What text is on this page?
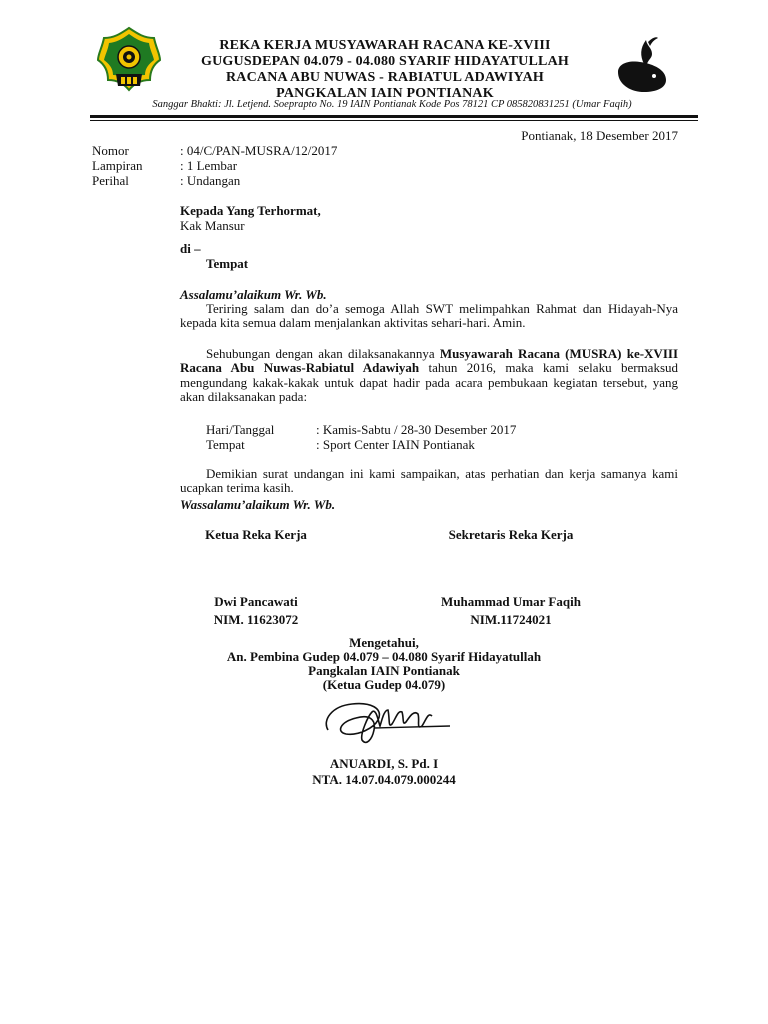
REKA KERJA MUSYAWARAH RACANA KE-XVIII
GUGUSDEPAN 04.079 - 04.080 SYARIF HIDAYATULLAH
RACANA ABU NUWAS - RABIATUL ADAWIYAH
PANGKALAN IAIN PONTIANAK
Sanggar Bhakti: Jl. Letjend. Soeprapto No. 19 IAIN Pontianak Kode Pos 78121 CP 085820831251 (Umar Faqih)
Pontianak, 18 Desember 2017
Nomor	: 04/C/PAN-MUSRA/12/2017
Lampiran	: 1 Lembar
Perihal	: Undangan
Kepada Yang Terhormat,
Kak Mansur
di –
Tempat
Assalamu’alaikum Wr. Wb.
Teriring salam dan do’a semoga Allah SWT melimpahkan Rahmat dan Hidayah-Nya kepada kita semua dalam menjalankan aktivitas sehari-hari. Amin.
Sehubungan dengan akan dilaksanakannya Musyawarah Racana (MUSRA) ke-XVIII Racana Abu Nuwas-Rabiatul Adawiyah tahun 2016, maka kami selaku bermaksud mengundang kakak-kakak untuk dapat hadir pada acara pembukaan kegiatan tersebut, yang akan dilaksanakan pada:
Hari/Tanggal	: Kamis-Sabtu / 28-30 Desember 2017
Tempat	: Sport Center IAIN Pontianak
Demikian surat undangan ini kami sampaikan, atas perhatian dan kerja samanya kami ucapkan terima kasih.
Wassalamu’alaikum Wr. Wb.
Ketua Reka Kerja	Sekretaris Reka Kerja
Dwi Pancawati	Muhammad Umar Faqih
NIM. 11623072	NIM.11724021
Mengetahui,
An. Pembina Gudep 04.079 – 04.080 Syarif Hidayatullah
Pangkalan IAIN Pontianak
(Ketua Gudep 04.079)
ANUARDI, S. Pd. I
NTA. 14.07.04.079.000244
